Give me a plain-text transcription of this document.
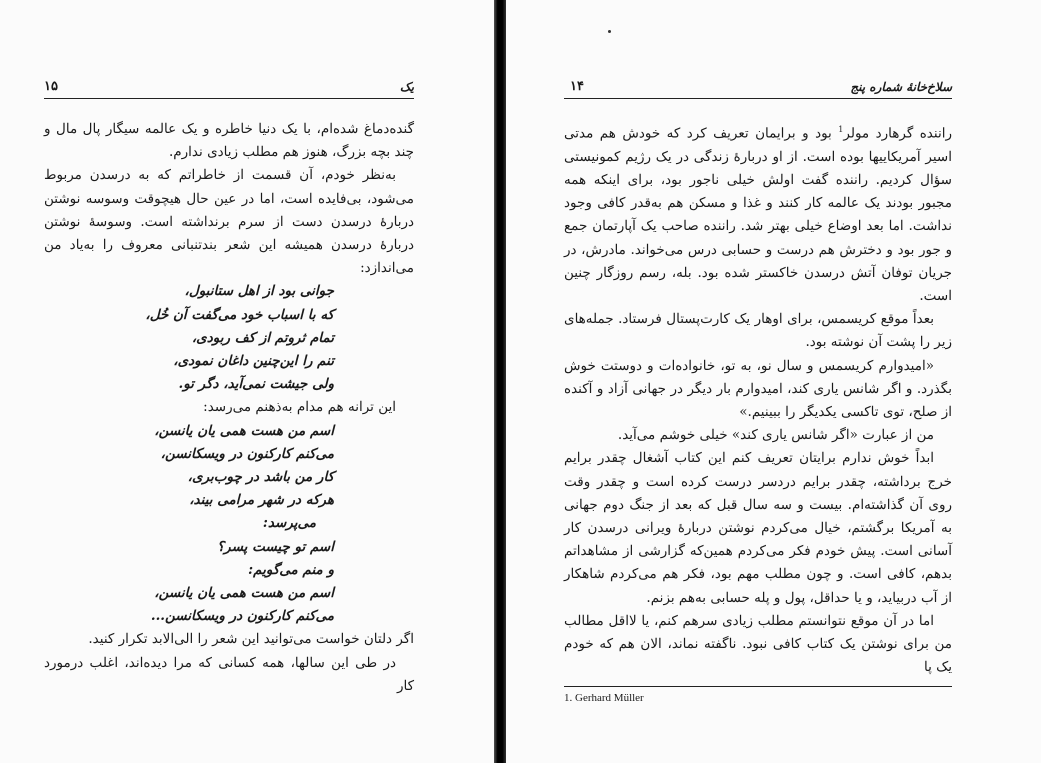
۱۵	یک

گنده‌دماغ شده‌ام، با یک دنیا خاطره و یک عالمه سیگار پال مال و چند بچه بزرگ، هنوز هم مطلب زیادی ندارم.

به‌نظر خودم، آن قسمت از خاطراتم که به درسدن مربوط می‌شود، بی‌فایده است، اما در عین حال هیچوقت وسوسه نوشتن دربارهٔ درسدن دست از سرم برنداشته است. وسوسهٔ نوشتن دربارهٔ درسدن همیشه این شعر بندتنبانی معروف را به‌یاد من می‌اندازد:

جوانی بود از اهل ستانبول،

که با اسباب خود می‌گفت آن خُل،

تمام ثروتم از کف ربودی،

تنم را این‌چنین داغان نمودی،

ولی جیشت نمی‌آید، دگر تو.

این ترانه هم مدام به‌ذهنم می‌رسد:

اسم من هست همی یان یانسن،

می‌کنم کارکنون در ویسکانسن،

کار من باشد در چوب‌بری،

هرکه در شهر مرامی بیند،

می‌پرسد:

اسم تو چیست پسر؟

و منم می‌گویم:

اسم من هست همی یان یانسن،

می‌کنم کارکنون در ویسکانسن...

اگر دلتان خواست می‌توانید این شعر را الی‌الابد تکرار کنید.

در طی این سالها، همه کسانی که مرا دیده‌اند، اغلب درمورد کار

۱۴	سلاخ‌خانهٔ شماره پنج

راننده گرهارد مولر$^1$ بود و برایمان تعریف کرد که خودش هم مدتی اسیر آمریکاییها بوده است. از او دربارهٔ زندگی در یک رژیم کمونیستی سؤال کردیم. راننده گفت اولش خیلی ناجور بود، برای اینکه همه مجبور بودند یک عالمه کار کنند و غذا و مسکن هم به‌قدر کافی وجود نداشت. اما بعد اوضاع خیلی بهتر شد. راننده صاحب یک آپارتمان جمع و جور بود و دخترش هم درست و حسابی درس می‌خواند. مادرش، در جریان توفان آتش درسدن خاکستر شده بود. بله، رسم روزگار چنین است.

بعداً موقع کریسمس، برای اوهار یک کارت‌پستال فرستاد. جمله‌های زیر را پشت آن نوشته بود.

«امیدوارم کریسمس و سال نو، به تو، خانواده‌ات و دوستت خوش بگذرد. و اگر شانس یاری کند، امیدوارم بار دیگر در جهانی آزاد و آکنده از صلح، توی تاکسی یکدیگر را ببینیم.»

من از عبارت «اگر شانس یاری کند» خیلی خوشم می‌آید.

ابداً خوش ندارم برایتان تعریف کنم این کتاب آشغال چقدر برایم خرج برداشته، چقدر برایم دردسر درست کرده است و چقدر وقت روی آن گذاشته‌ام. بیست و سه سال قبل که بعد از جنگ دوم جهانی به آمریکا برگشتم، خیال می‌کردم نوشتن دربارهٔ ویرانی درسدن کار آسانی است. پیش خودم فکر می‌کردم همین‌که گزارشی از مشاهداتم بدهم، کافی است. و چون مطلب مهم بود، فکر هم می‌کردم شاهکار از آب دربیاید، و یا حداقل، پول و پله حسابی به‌هم بزنم.

اما در آن موقع نتوانستم مطلب زیادی سرهم کنم، یا لااقل مطالب من برای نوشتن یک کتاب کافی نبود. ناگفته نماند، الان هم که خودم یک پا

1. Gerhard Müller
